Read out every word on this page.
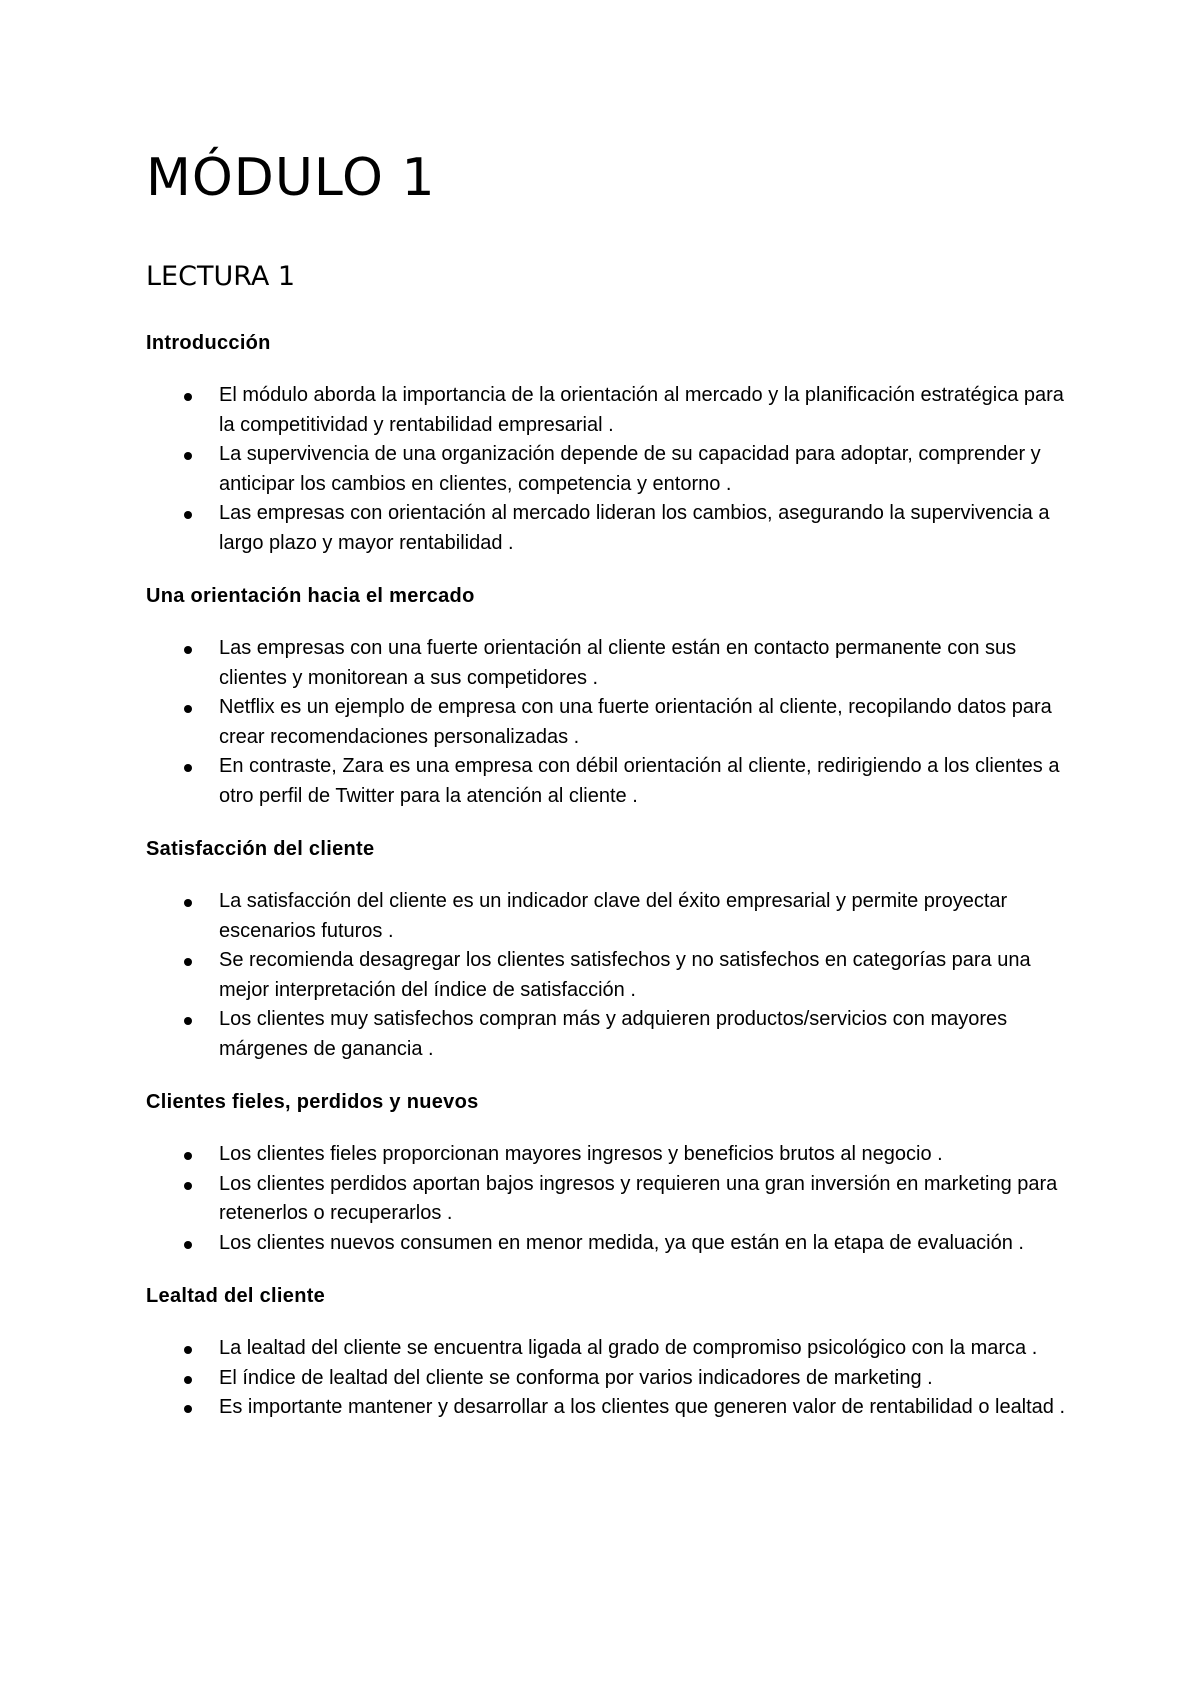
MÓDULO 1
LECTURA 1
Introducción
El módulo aborda la importancia de la orientación al mercado y la planificación estratégica para la competitividad y rentabilidad empresarial .
La supervivencia de una organización depende de su capacidad para adoptar, comprender y anticipar los cambios en clientes, competencia y entorno .
Las empresas con orientación al mercado lideran los cambios, asegurando la supervivencia a largo plazo y mayor rentabilidad .
Una orientación hacia el mercado
Las empresas con una fuerte orientación al cliente están en contacto permanente con sus clientes y monitorean a sus competidores .
Netflix es un ejemplo de empresa con una fuerte orientación al cliente, recopilando datos para crear recomendaciones personalizadas .
En contraste, Zara es una empresa con débil orientación al cliente, redirigiendo a los clientes a otro perfil de Twitter para la atención al cliente .
Satisfacción del cliente
La satisfacción del cliente es un indicador clave del éxito empresarial y permite proyectar escenarios futuros .
Se recomienda desagregar los clientes satisfechos y no satisfechos en categorías para una mejor interpretación del índice de satisfacción .
Los clientes muy satisfechos compran más y adquieren productos/servicios con mayores márgenes de ganancia .
Clientes fieles, perdidos y nuevos
Los clientes fieles proporcionan mayores ingresos y beneficios brutos al negocio .
Los clientes perdidos aportan bajos ingresos y requieren una gran inversión en marketing para retenerlos o recuperarlos .
Los clientes nuevos consumen en menor medida, ya que están en la etapa de evaluación .
Lealtad del cliente
La lealtad del cliente se encuentra ligada al grado de compromiso psicológico con la marca .
El índice de lealtad del cliente se conforma por varios indicadores de marketing .
Es importante mantener y desarrollar a los clientes que generen valor de rentabilidad o lealtad .
